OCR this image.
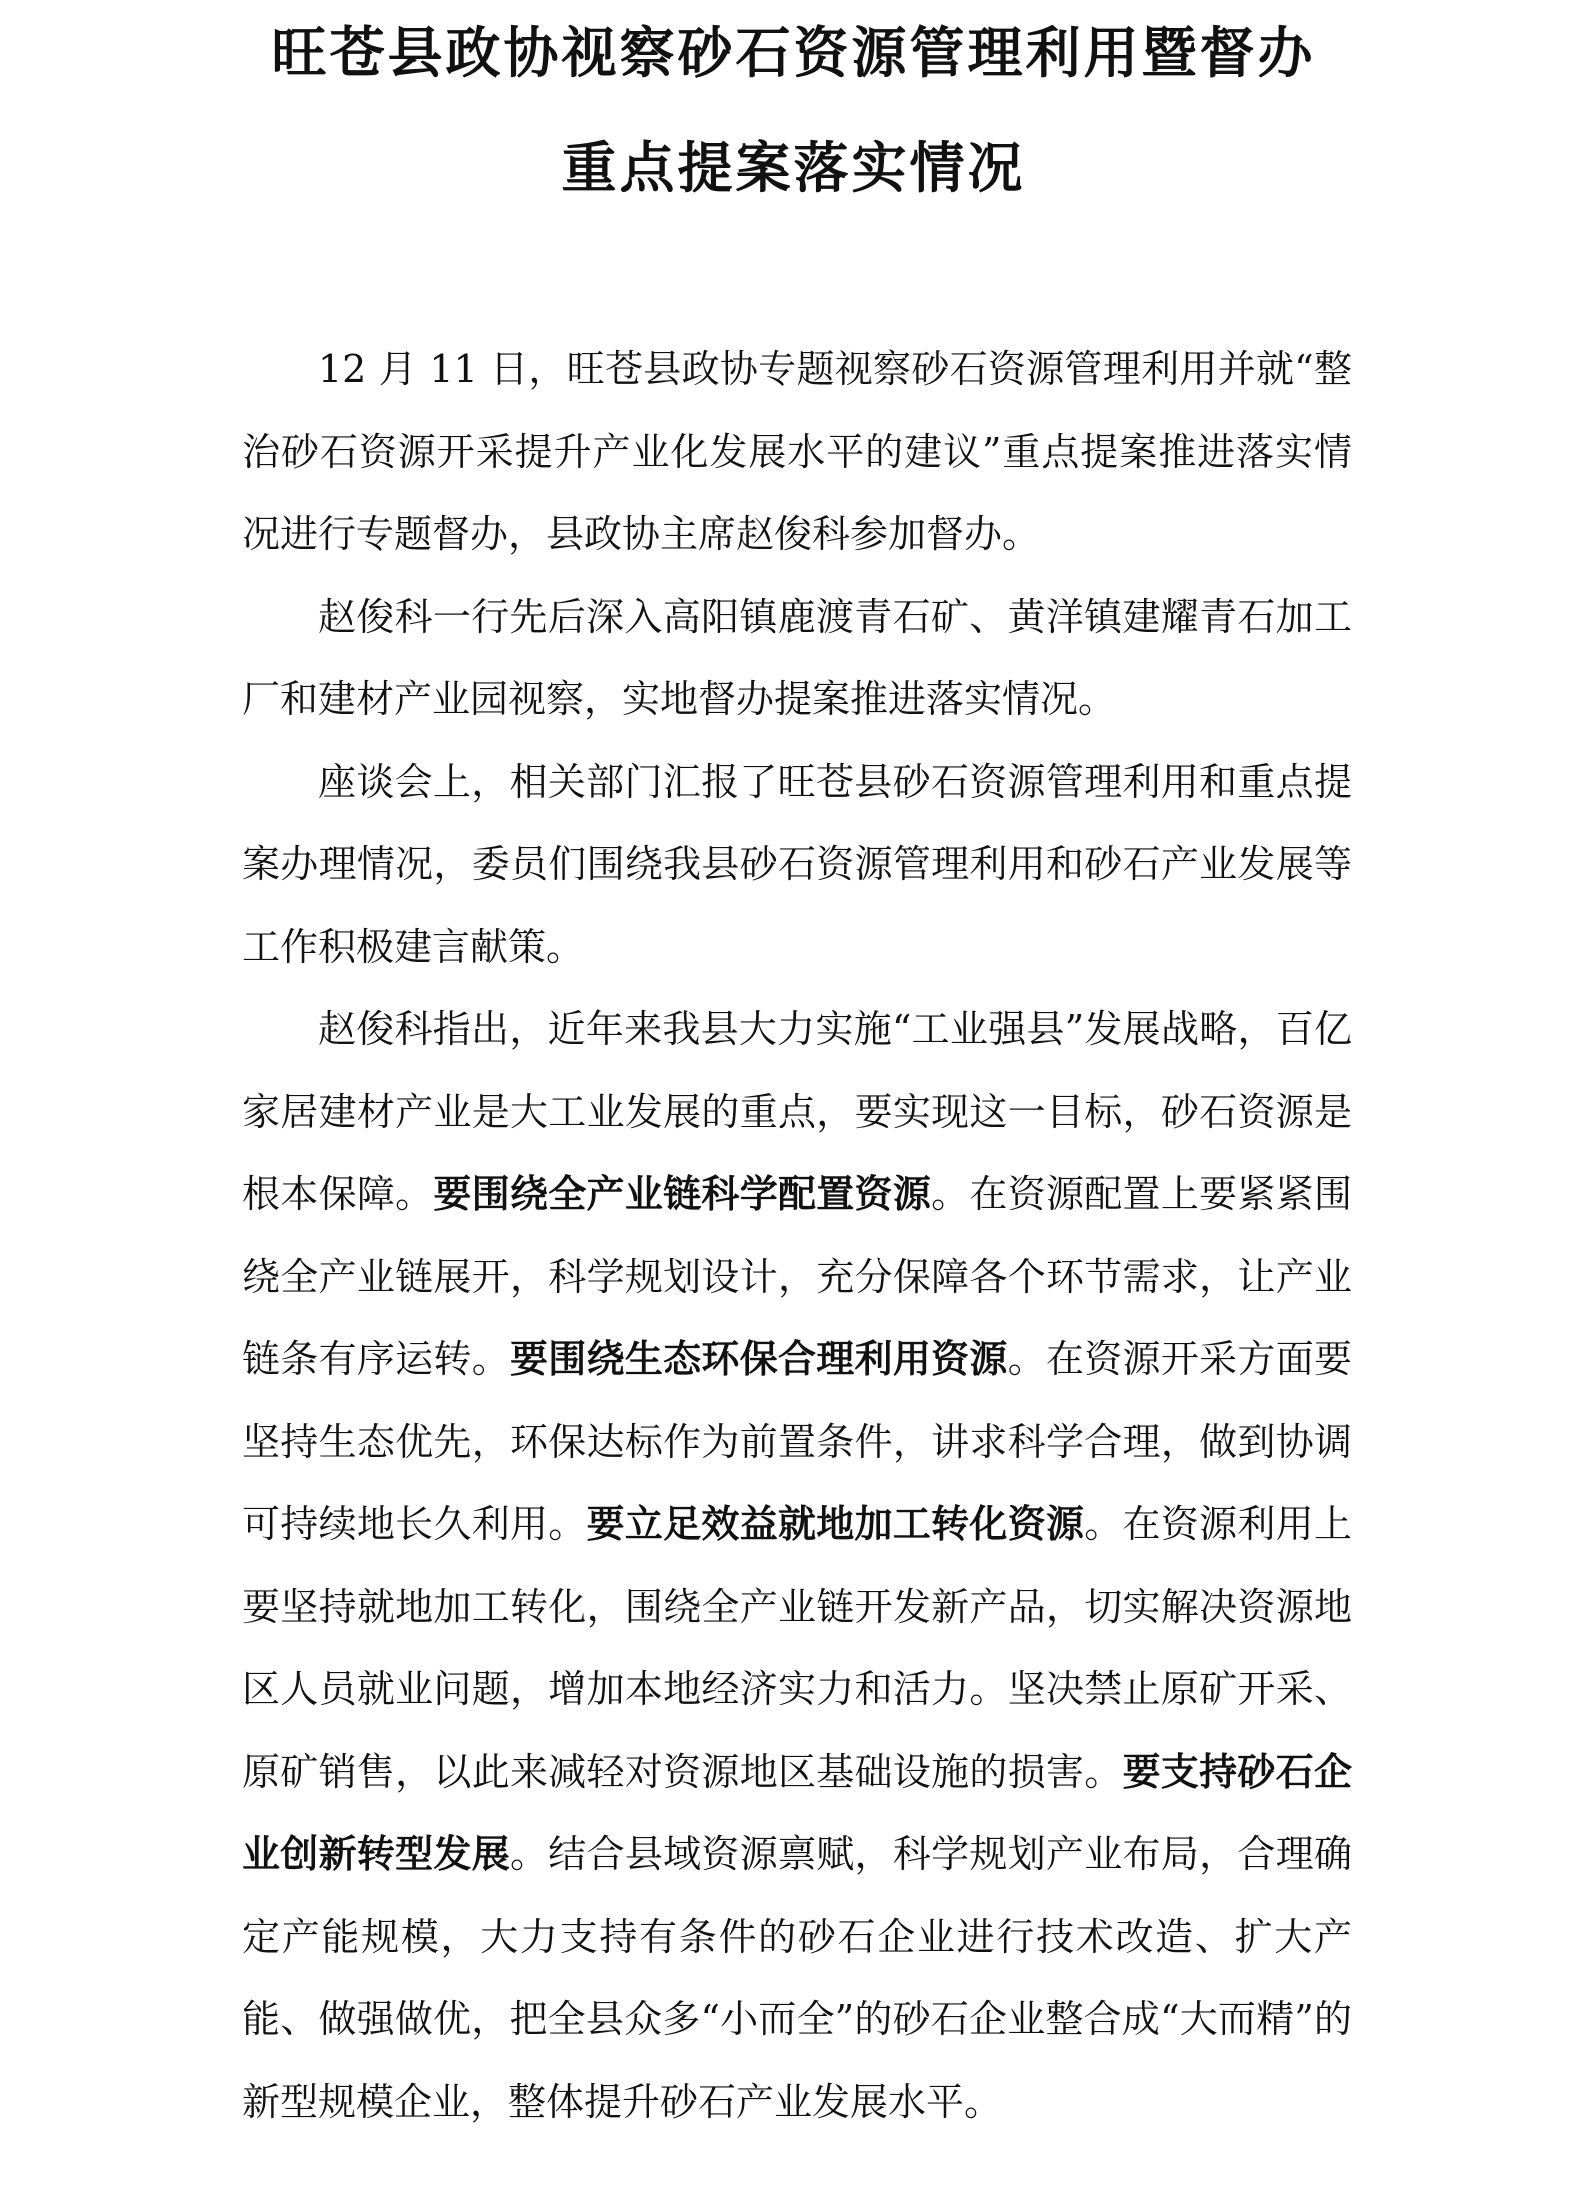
旺苍县政协视察砂石资源管理利用暨督办
重点提案落实情况

12 月 11 日，旺苍县政协专题视察砂石资源管理利用并就“整治砂石资源开采提升产业化发展水平的建议”重点提案推进落实情况进行专题督办，县政协主席赵俊科参加督办。

赵俊科一行先后深入高阳镇鹿渡青石矿、黄洋镇建耀青石加工厂和建材产业园视察，实地督办提案推进落实情况。

座谈会上，相关部门汇报了旺苍县砂石资源管理利用和重点提案办理情况，委员们围绕我县砂石资源管理利用和砂石产业发展等工作积极建言献策。

赵俊科指出，近年来我县大力实施“工业强县”发展战略，百亿家居建材产业是大工业发展的重点，要实现这一目标，砂石资源是根本保障。要围绕全产业链科学配置资源。在资源配置上要紧紧围绕全产业链展开，科学规划设计，充分保障各个环节需求，让产业链条有序运转。要围绕生态环保合理利用资源。在资源开采方面要坚持生态优先，环保达标作为前置条件，讲求科学合理，做到协调可持续地长久利用。要立足效益就地加工转化资源。在资源利用上要坚持就地加工转化，围绕全产业链开发新产品，切实解决资源地区人员就业问题，增加本地经济实力和活力。坚决禁止原矿开采、原矿销售，以此来减轻对资源地区基础设施的损害。要支持砂石企业创新转型发展。结合县域资源禀赋，科学规划产业布局，合理确定产能规模，大力支持有条件的砂石企业进行技术改造、扩大产能、做强做优，把全县众多“小而全”的砂石企业整合成“大而精”的新型规模企业，整体提升砂石产业发展水平。
